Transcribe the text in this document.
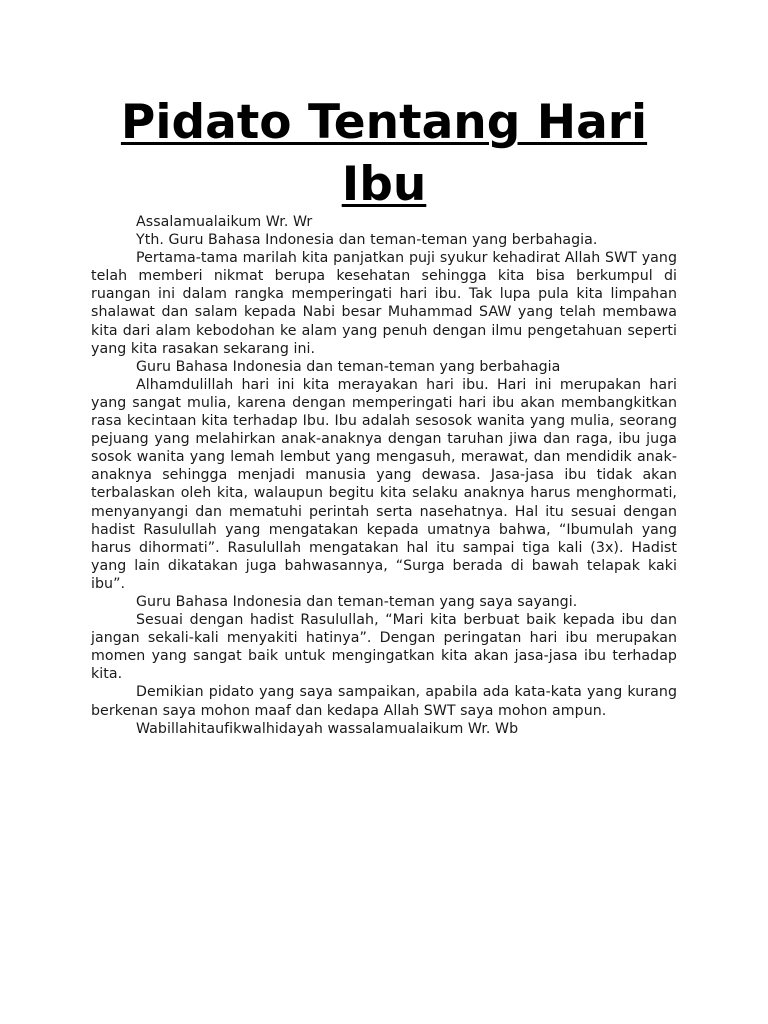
Pidato Tentang Hari Ibu

Assalamualaikum Wr. Wr

Yth. Guru Bahasa Indonesia dan teman-teman yang berbahagia.

Pertama-tama marilah kita panjatkan puji syukur kehadirat Allah SWT yang telah memberi nikmat berupa kesehatan sehingga kita bisa berkumpul di ruangan ini dalam rangka memperingati hari ibu. Tak lupa pula kita limpahan shalawat dan salam kepada Nabi besar Muhammad SAW yang telah membawa kita dari alam kebodohan ke alam yang penuh dengan ilmu pengetahuan seperti yang kita rasakan sekarang ini.

Guru Bahasa Indonesia dan teman-teman yang berbahagia

Alhamdulillah hari ini kita merayakan hari ibu. Hari ini merupakan hari yang sangat mulia, karena dengan memperingati hari ibu akan membangkitkan rasa kecintaan kita terhadap Ibu. Ibu adalah sesosok wanita yang mulia, seorang pejuang yang melahirkan anak-anaknya dengan taruhan jiwa dan raga, ibu juga sosok wanita yang lemah lembut yang mengasuh, merawat, dan mendidik anak-anaknya sehingga menjadi manusia yang dewasa. Jasa-jasa ibu tidak akan terbalaskan oleh kita, walaupun begitu kita selaku anaknya harus menghormati, menyanyangi dan mematuhi perintah serta nasehatnya. Hal itu sesuai dengan hadist Rasulullah yang mengatakan kepada umatnya bahwa, “Ibumulah yang harus dihormati”. Rasulullah mengatakan hal itu sampai tiga kali (3x). Hadist yang lain dikatakan juga bahwasannya, “Surga berada di bawah telapak kaki ibu”.

Guru Bahasa Indonesia dan teman-teman yang saya sayangi.

Sesuai dengan hadist Rasulullah, “Mari kita berbuat baik kepada ibu dan jangan sekali-kali menyakiti hatinya”. Dengan peringatan hari ibu merupakan momen yang sangat baik untuk mengingatkan kita akan jasa-jasa ibu terhadap kita.

Demikian pidato yang saya sampaikan, apabila ada kata-kata yang kurang berkenan saya mohon maaf dan kedapa Allah SWT saya mohon ampun.

Wabillahitaufikwalhidayah wassalamualaikum Wr. Wb
